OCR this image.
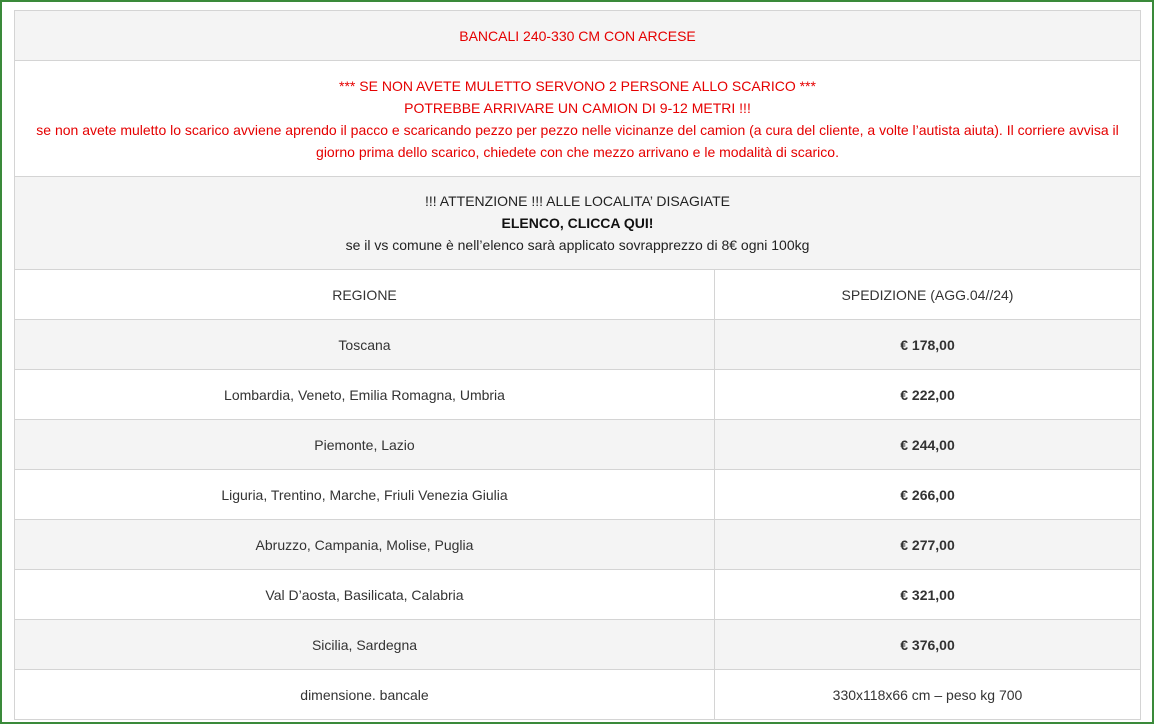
BANCALI 240-330 CM CON ARCESE	

*** SE NON AVETE MULETTO SERVONO 2 PERSONE ALLO SCARICO ***
POTREBBE ARRIVARE UN CAMION DI 9-12 METRI !!!
se non avete muletto lo scarico avviene aprendo il pacco e scaricando pezzo per pezzo nelle vicinanze del camion (a cura del cliente, a volte l’autista aiuta). Il corriere avvisa il giorno prima dello scarico, chiedete con che mezzo arrivano e le modalità di scarico.	

!!! ATTENZIONE !!! ALLE LOCALITA’ DISAGIATE
ELENCO, CLICCA QUI!
se il vs comune è nell’elenco sarà applicato sovrapprezzo di 8€ ogni 100kg	

REGIONE	SPEDIZIONE (AGG.04//24)
Toscana	€ 178,00
Lombardia, Veneto, Emilia Romagna, Umbria	€ 222,00
Piemonte, Lazio	€ 244,00
Liguria, Trentino, Marche, Friuli Venezia Giulia	€ 266,00
Abruzzo, Campania, Molise, Puglia	€ 277,00
Val D’aosta, Basilicata, Calabria	€ 321,00
Sicilia, Sardegna	€ 376,00
dimensione. bancale	330x118x66 cm – peso kg 700
